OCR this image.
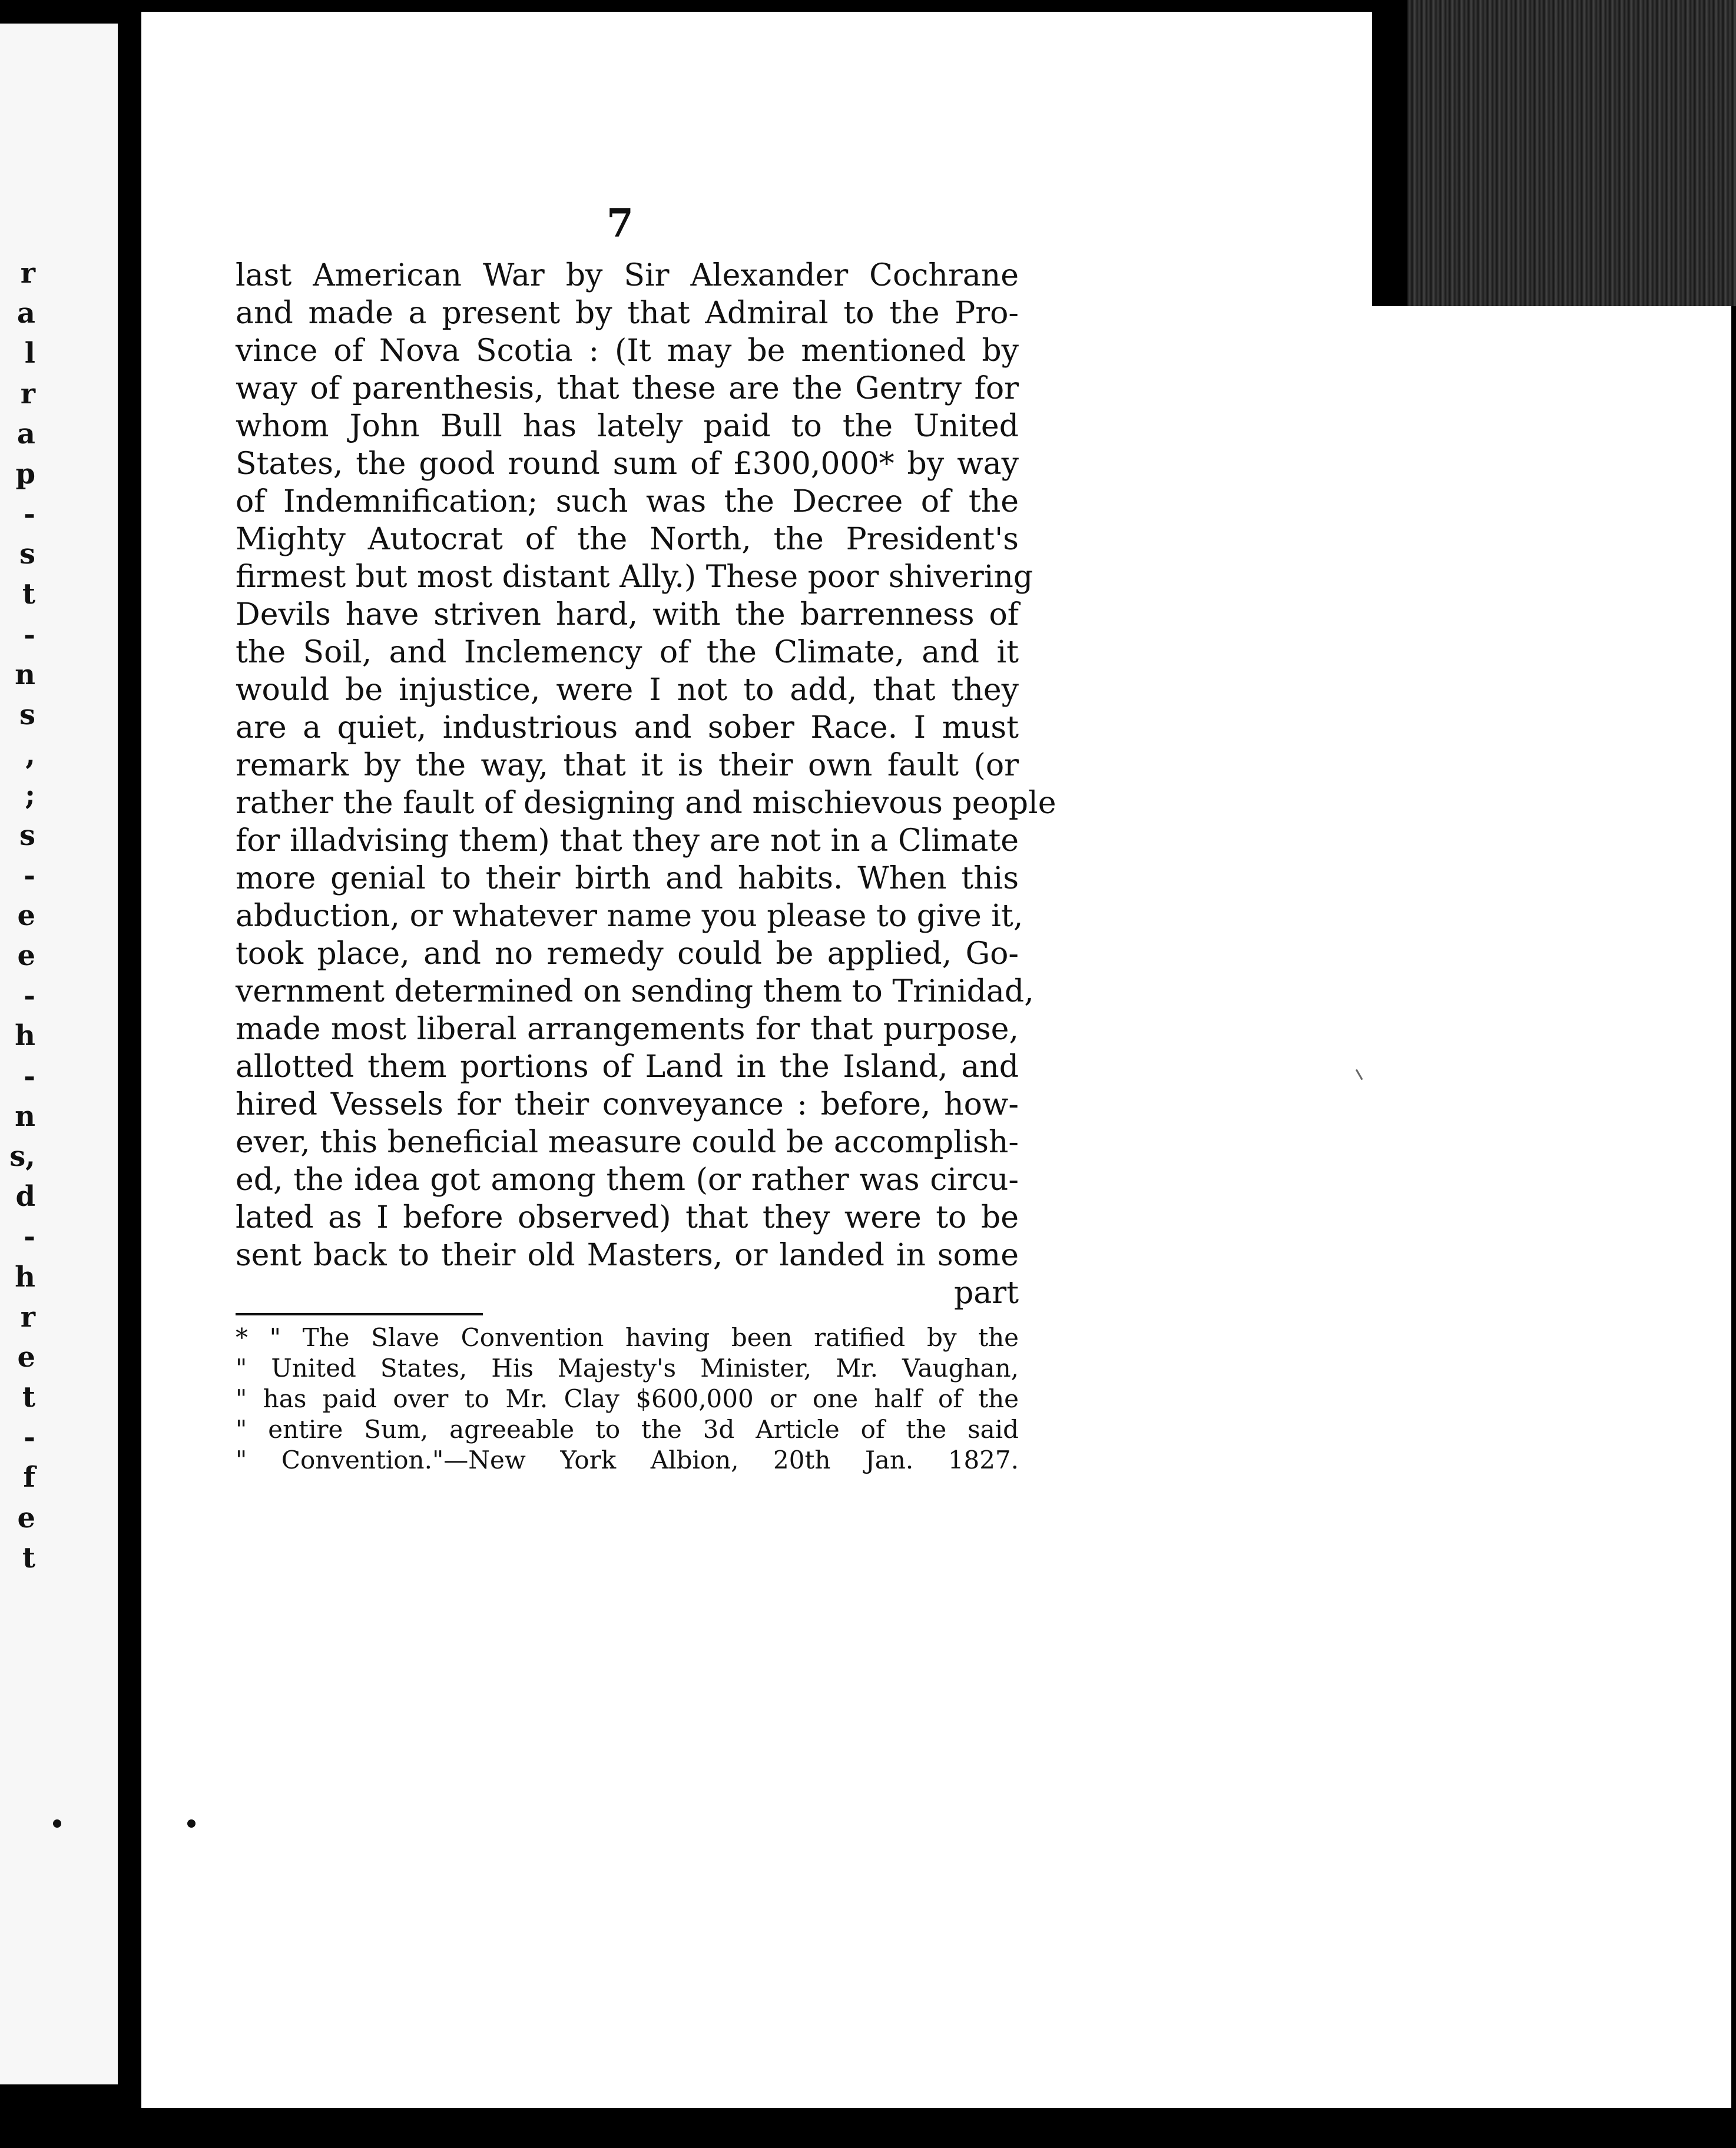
r
a
l
r
a
p
-
s
t
-
n
s
,
;
s
-
e
e
-
h
-
n
s,
d
-
h
r
e
t
-
f
e
t
7
last American War by Sir Alexander Cochrane
and made a present by that Admiral to the Pro-
vince of Nova Scotia : (It may be mentioned by
way of parenthesis, that these are the Gentry for
whom John Bull has lately paid to the United
States, the good round sum of £300,000* by way
of Indemnification; such was the Decree of the
Mighty Autocrat of the North, the President's
firmest but most distant Ally.) These poor shivering
Devils have striven hard, with the barrenness of
the Soil, and Inclemency of the Climate, and it
would be injustice, were I not to add, that they
are a quiet, industrious and sober Race. I must
remark by the way, that it is their own fault (or
rather the fault of designing and mischievous people
for illadvising them) that they are not in a Climate
more genial to their birth and habits. When this
abduction, or whatever name you please to give it,
took place, and no remedy could be applied, Go-
vernment determined on sending them to Trinidad,
made most liberal arrangements for that purpose,
allotted them portions of Land in the Island, and
hired Vessels for their conveyance : before, how-
ever, this beneficial measure could be accomplish-
ed, the idea got among them (or rather was circu-
lated as I before observed) that they were to be
sent back to their old Masters, or landed in some
part
* " The Slave Convention having been ratified by the
" United States, His Majesty's Minister, Mr. Vaughan,
" has paid over to Mr. Clay $600,000 or one half of the
" entire Sum, agreeable to the 3d Article of the said
" Convention."—New York Albion, 20th Jan. 1827.
